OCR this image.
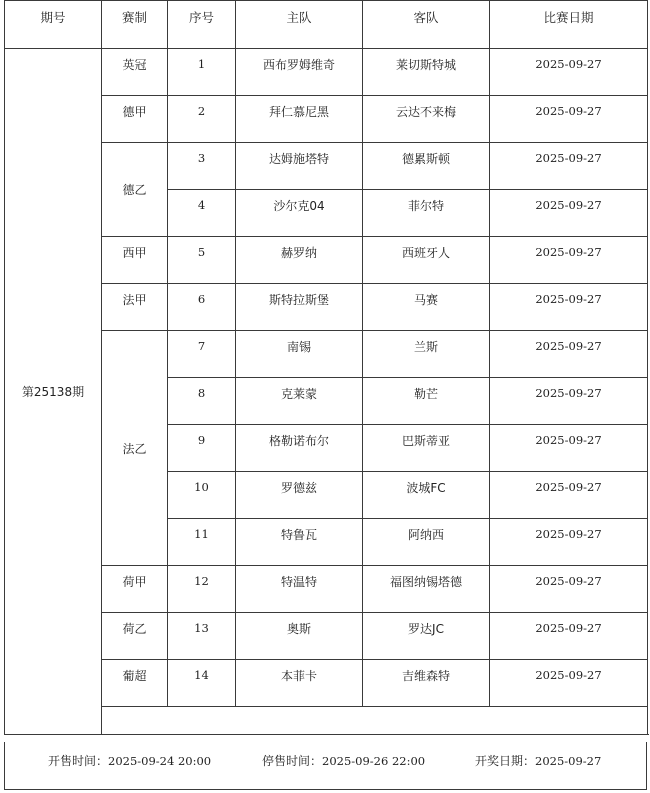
期号	赛制	序号	主队	客队	比赛日期
第25138期	英冠	1	西布罗姆维奇	莱切斯特城	2025-09-27
	德甲	2	拜仁慕尼黑	云达不来梅	2025-09-27
	德乙	3	达姆施塔特	德累斯顿	2025-09-27
		4	沙尔克04	菲尔特	2025-09-27
	西甲	5	赫罗纳	西班牙人	2025-09-27
	法甲	6	斯特拉斯堡	马赛	2025-09-27
	法乙	7	南锡	兰斯	2025-09-27
		8	克莱蒙	勒芒	2025-09-27
		9	格勒诺布尔	巴斯蒂亚	2025-09-27
		10	罗德兹	波城FC	2025-09-27
		11	特鲁瓦	阿纳西	2025-09-27
	荷甲	12	特温特	福图纳锡塔德	2025-09-27
	荷乙	13	奥斯	罗达JC	2025-09-27
	葡超	14	本菲卡	吉维森特	2025-09-27

开售时间：2025-09-24 20:00	停售时间：2025-09-26 22:00	开奖日期：2025-09-27
